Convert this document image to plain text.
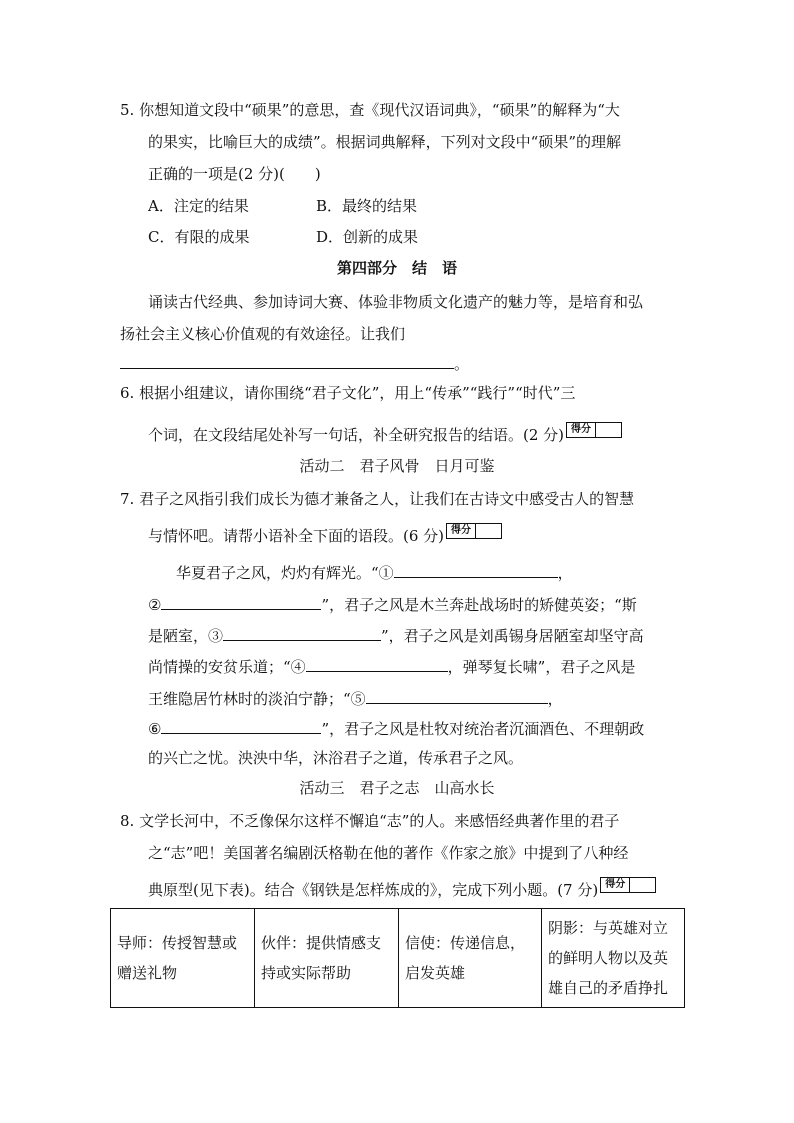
5. 你想知道文段中“硕果”的意思，查《现代汉语词典》，“硕果”的解释为“大
的果实，比喻巨大的成绩”。根据词典解释，下列对文段中“硕果”的理解
正确的一项是(2 分)(　　)
A．注定的结果	B．最终的结果
C．有限的成果	D．创新的成果
第四部分　结　语
诵读古代经典、参加诗词大赛、体验非物质文化遗产的魅力等，是培育和弘
扬社会主义核心价值观的有效途径。让我们
。
6. 根据小组建议，请你围绕“君子文化”，用上“传承”“践行”“时代”三
个词，在文段结尾处补写一句话，补全研究报告的结语。(2 分) 得分
活动二　君子风骨　日月可鉴
7. 君子之风指引我们成长为德才兼备之人，让我们在古诗文中感受古人的智慧
与情怀吧。请帮小语补全下面的语段。(6 分) 得分
华夏君子之风，灼灼有辉光。“①	，
②	”，君子之风是木兰奔赴战场时的矫健英姿；“斯
是陋室，③	”，君子之风是刘禹锡身居陋室却坚守高
尚情操的安贫乐道；“④	，弹琴复长啸”，君子之风是
王维隐居竹林时的淡泊宁静；“⑤	，
⑥	”，君子之风是杜牧对统治者沉湎酒色、不理朝政
的兴亡之忧。泱泱中华，沐浴君子之道，传承君子之风。
活动三　君子之志　山高水长
8. 文学长河中，不乏像保尔这样不懈追“志”的人。来感悟经典著作里的君子
之“志”吧！美国著名编剧沃格勒在他的著作《作家之旅》中提到了八种经
典原型(见下表)。结合《钢铁是怎样炼成的》，完成下列小题。(7 分) 得分
导师：传授智慧或赠送礼物	伙伴：提供情感支持或实际帮助	信使：传递信息，启发英雄	阴影：与英雄对立的鲜明人物以及英雄自己的矛盾挣扎
